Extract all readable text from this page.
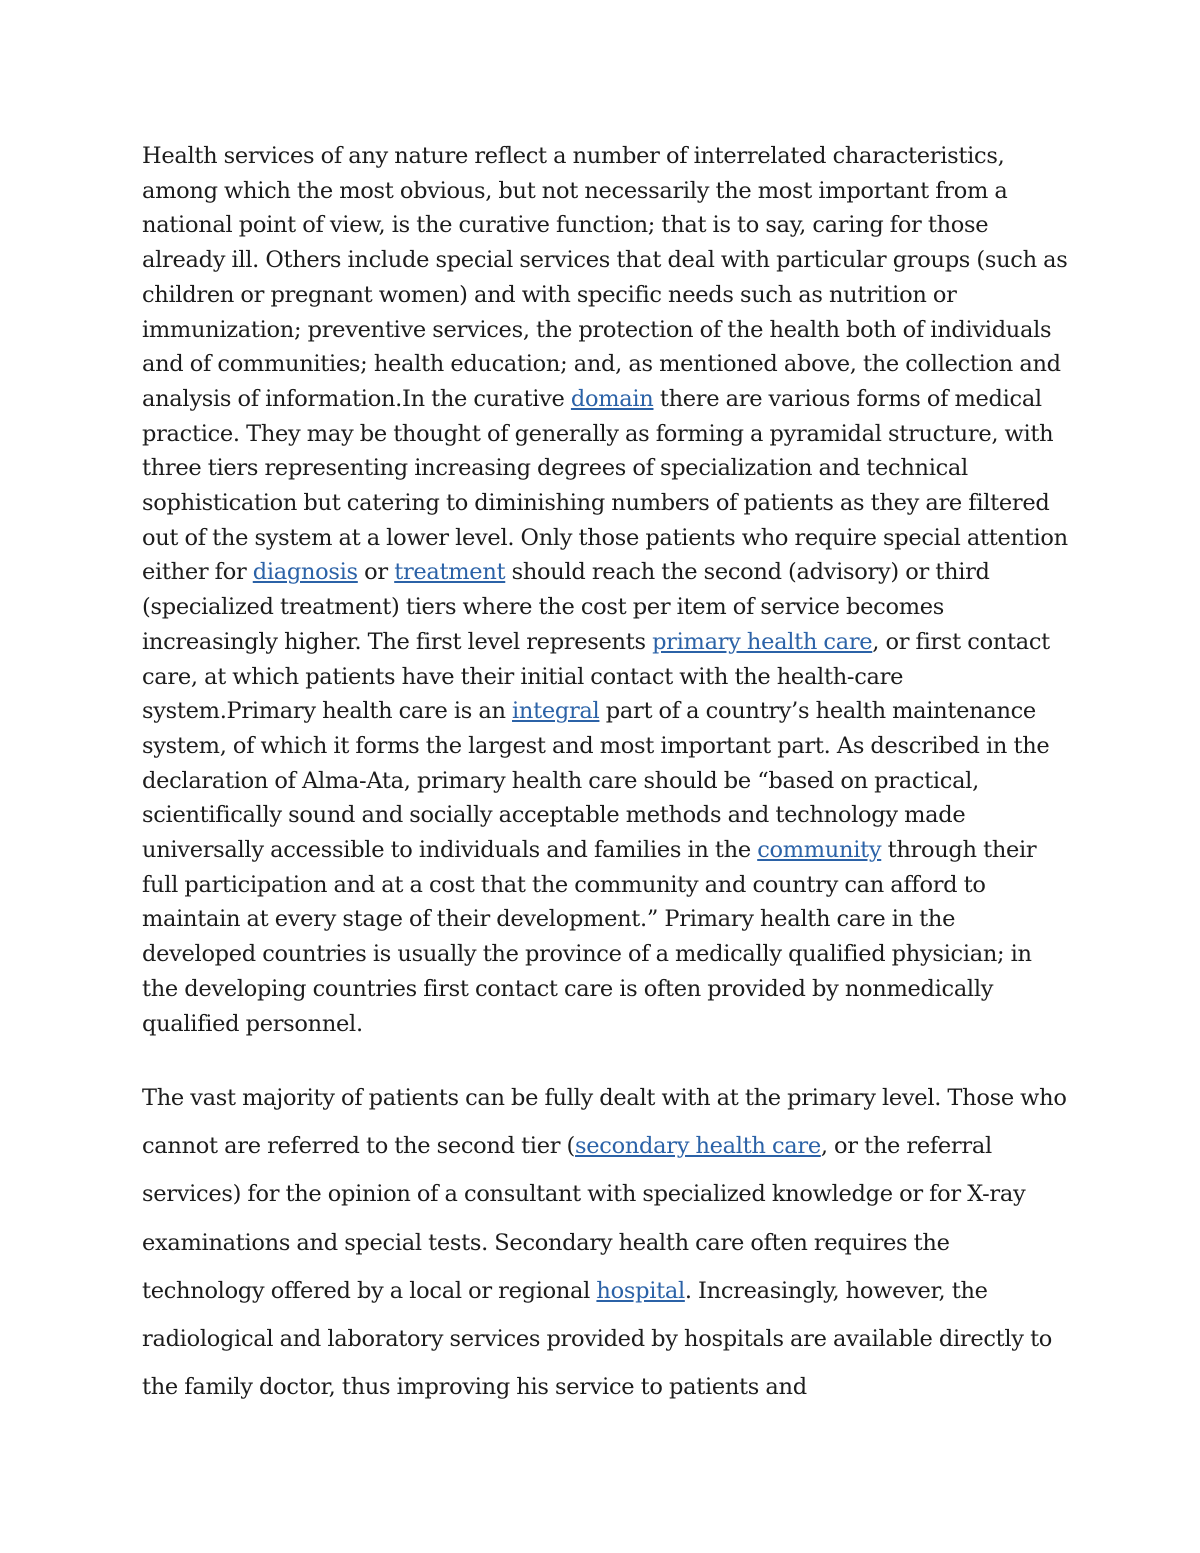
Health services of any nature reflect a number of interrelated characteristics, among which the most obvious, but not necessarily the most important from a national point of view, is the curative function; that is to say, caring for those already ill. Others include special services that deal with particular groups (such as children or pregnant women) and with specific needs such as nutrition or immunization; preventive services, the protection of the health both of individuals and of communities; health education; and, as mentioned above, the collection and analysis of information.In the curative domain there are various forms of medical practice. They may be thought of generally as forming a pyramidal structure, with three tiers representing increasing degrees of specialization and technical sophistication but catering to diminishing numbers of patients as they are filtered out of the system at a lower level. Only those patients who require special attention either for diagnosis or treatment should reach the second (advisory) or third (specialized treatment) tiers where the cost per item of service becomes increasingly higher. The first level represents primary health care, or first contact care, at which patients have their initial contact with the health-care system.Primary health care is an integral part of a country’s health maintenance system, of which it forms the largest and most important part. As described in the declaration of Alma-Ata, primary health care should be “based on practical, scientifically sound and socially acceptable methods and technology made universally accessible to individuals and families in the community through their full participation and at a cost that the community and country can afford to maintain at every stage of their development.” Primary health care in the developed countries is usually the province of a medically qualified physician; in the developing countries first contact care is often provided by nonmedically qualified personnel.

The vast majority of patients can be fully dealt with at the primary level. Those who cannot are referred to the second tier (secondary health care, or the referral services) for the opinion of a consultant with specialized knowledge or for X-ray examinations and special tests. Secondary health care often requires the technology offered by a local or regional hospital. Increasingly, however, the radiological and laboratory services provided by hospitals are available directly to the family doctor, thus improving his service to patients and
